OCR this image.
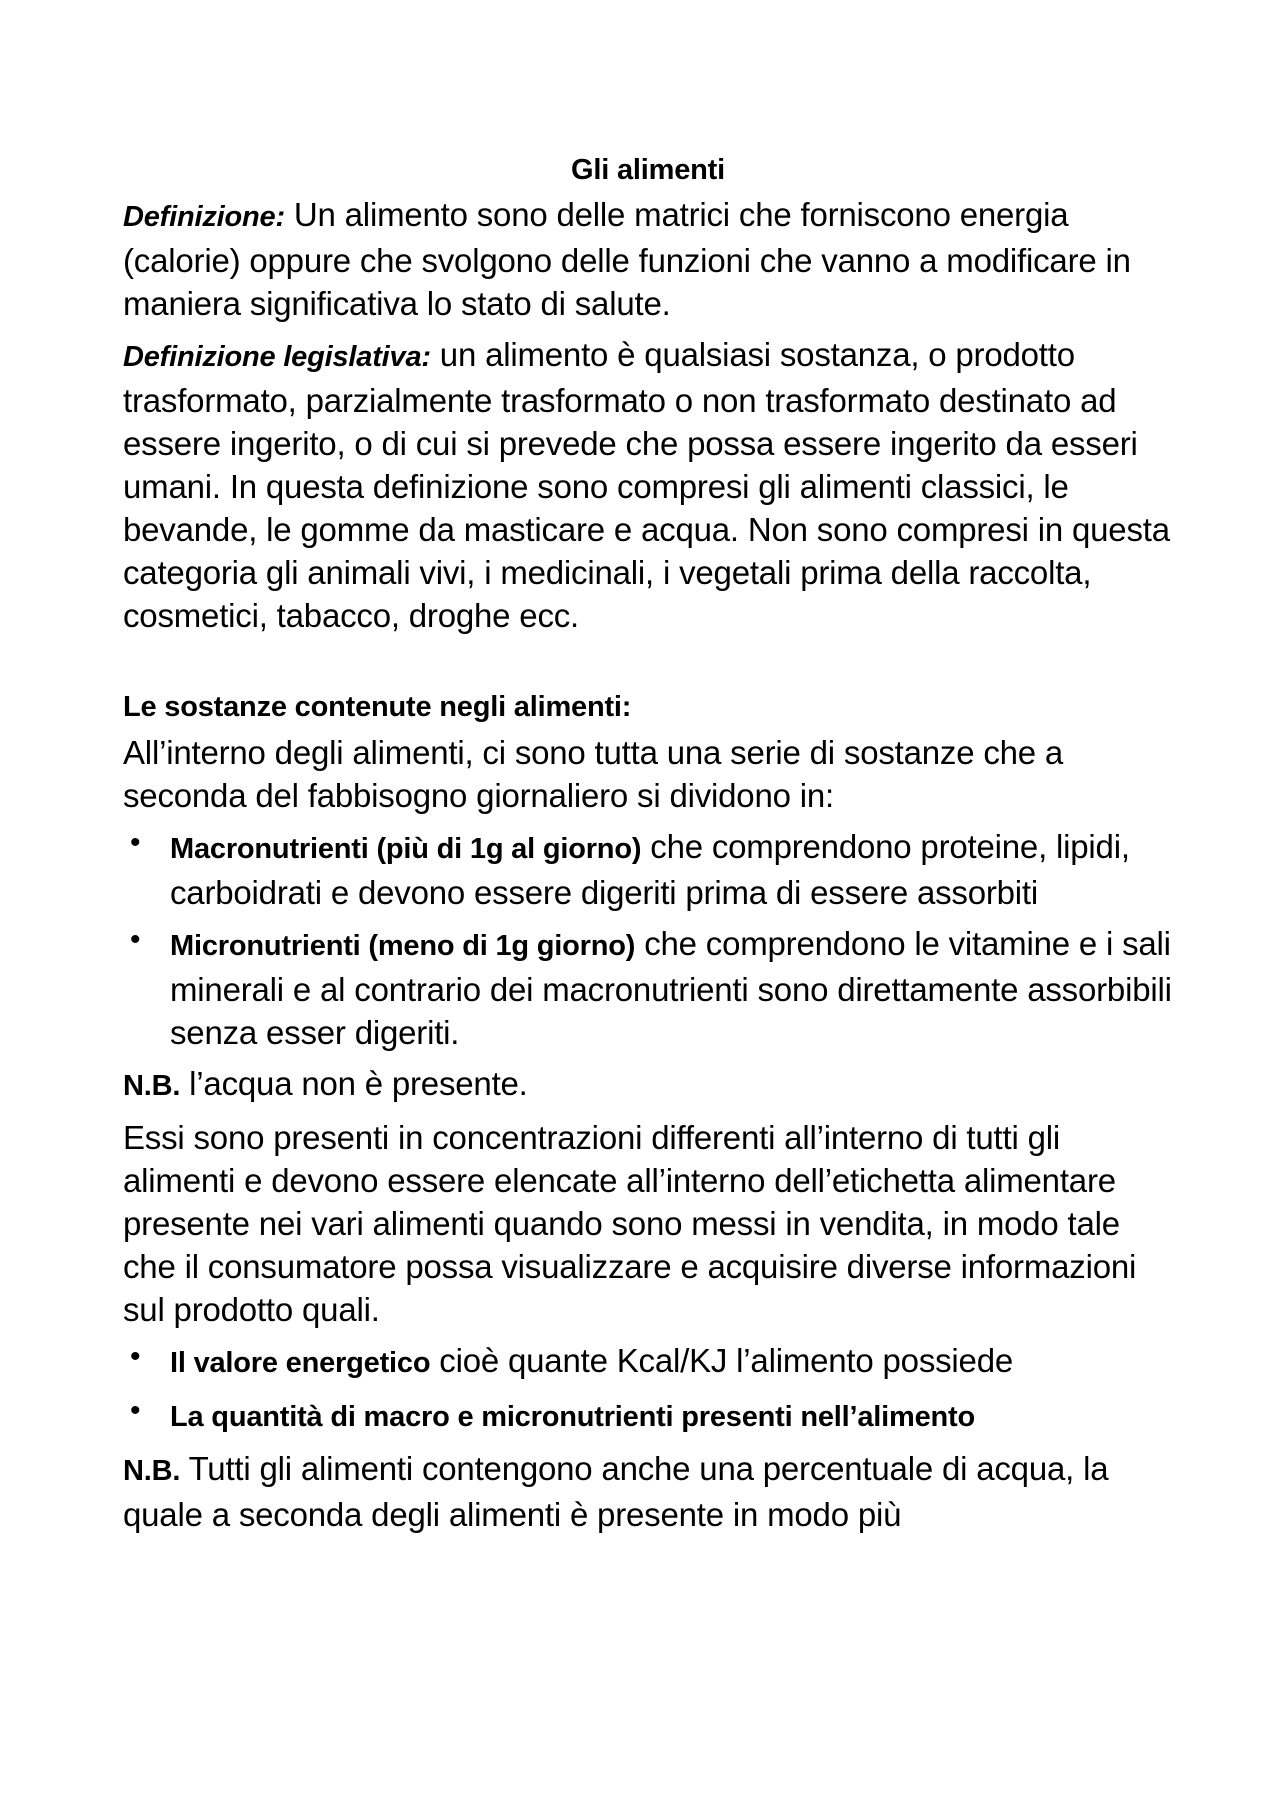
Gli alimenti

Definizione: Un alimento sono delle matrici che forniscono energia (calorie) oppure che svolgono delle funzioni che vanno a modificare in maniera significativa lo stato di salute.

Definizione legislativa: un alimento è qualsiasi sostanza, o prodotto trasformato, parzialmente trasformato o non trasformato destinato ad essere ingerito, o di cui si prevede che possa essere ingerito da esseri umani. In questa definizione sono compresi gli alimenti classici, le bevande, le gomme da masticare e acqua. Non sono compresi in questa categoria gli animali vivi, i medicinali, i vegetali prima della raccolta, cosmetici, tabacco, droghe ecc.

Le sostanze contenute negli alimenti:

All’interno degli alimenti, ci sono tutta una serie di sostanze che a seconda del fabbisogno giornaliero si dividono in:

• Macronutrienti (più di 1g al giorno) che comprendono proteine, lipidi, carboidrati e devono essere digeriti prima di essere assorbiti
• Micronutrienti (meno di 1g giorno) che comprendono le vitamine e i sali minerali e al contrario dei macronutrienti sono direttamente assorbibili senza esser digeriti.

N.B. l’acqua non è presente.

Essi sono presenti in concentrazioni differenti all’interno di tutti gli alimenti e devono essere elencate all’interno dell’etichetta alimentare presente nei vari alimenti quando sono messi in vendita, in modo tale che il consumatore possa visualizzare e acquisire diverse informazioni sul prodotto quali.

• Il valore energetico cioè quante Kcal/KJ l’alimento possiede
• La quantità di macro e micronutrienti presenti nell’alimento

N.B. Tutti gli alimenti contengono anche una percentuale di acqua, la quale a seconda degli alimenti è presente in modo più
